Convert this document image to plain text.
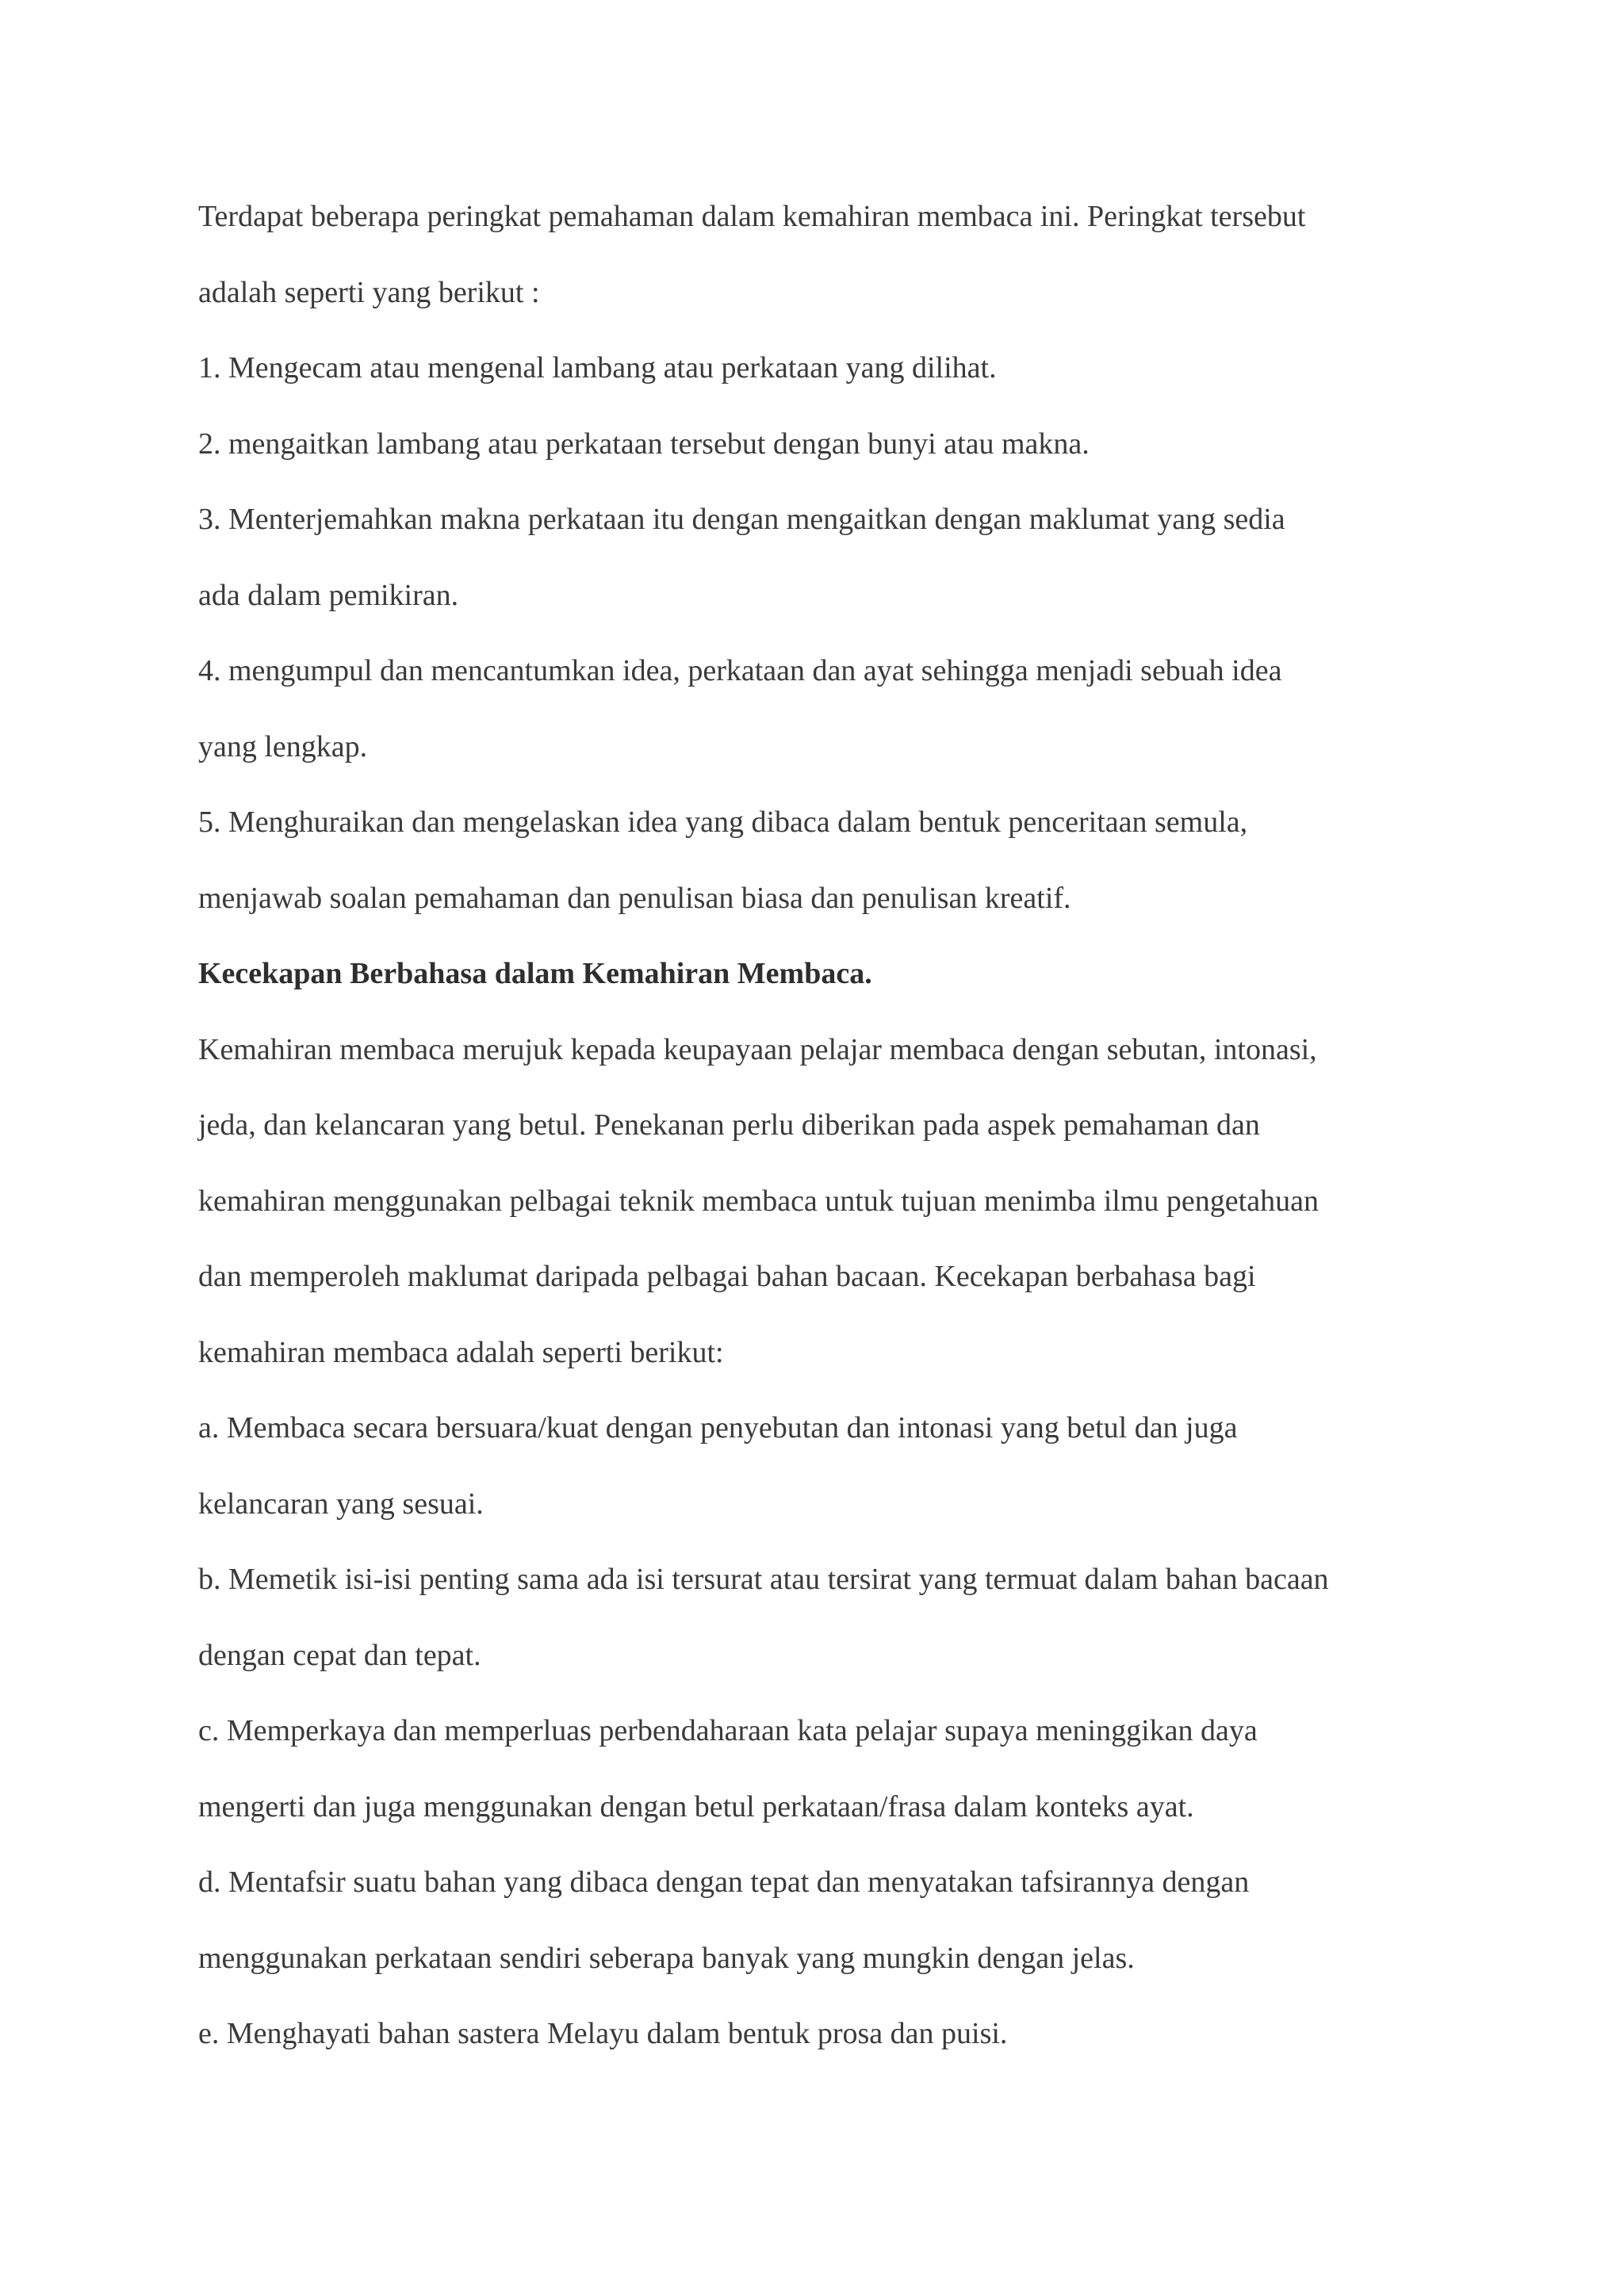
Terdapat beberapa peringkat pemahaman dalam kemahiran membaca ini. Peringkat tersebut
adalah seperti yang berikut :
1. Mengecam atau mengenal lambang atau perkataan yang dilihat.
2. mengaitkan lambang atau perkataan tersebut dengan bunyi atau makna.
3. Menterjemahkan makna perkataan itu dengan mengaitkan dengan maklumat yang sedia
ada dalam pemikiran.
4. mengumpul dan mencantumkan idea, perkataan dan ayat sehingga menjadi sebuah idea
yang lengkap.
5. Menghuraikan dan mengelaskan idea yang dibaca dalam bentuk penceritaan semula,
menjawab soalan pemahaman dan penulisan biasa dan penulisan kreatif.
Kecekapan Berbahasa dalam Kemahiran Membaca.
Kemahiran membaca merujuk kepada keupayaan pelajar membaca dengan sebutan, intonasi,
jeda, dan kelancaran yang betul. Penekanan perlu diberikan pada aspek pemahaman dan
kemahiran menggunakan pelbagai teknik membaca untuk tujuan menimba ilmu pengetahuan
dan memperoleh maklumat daripada pelbagai bahan bacaan. Kecekapan berbahasa bagi
kemahiran membaca adalah seperti berikut:
a. Membaca secara bersuara/kuat dengan penyebutan dan intonasi yang betul dan juga
kelancaran yang sesuai.
b. Memetik isi-isi penting sama ada isi tersurat atau tersirat yang termuat dalam bahan bacaan
dengan cepat dan tepat.
c. Memperkaya dan memperluas perbendaharaan kata pelajar supaya meninggikan daya
mengerti dan juga menggunakan dengan betul perkataan/frasa dalam konteks ayat.
d. Mentafsir suatu bahan yang dibaca dengan tepat dan menyatakan tafsirannya dengan
menggunakan perkataan sendiri seberapa banyak yang mungkin dengan jelas.
e. Menghayati bahan sastera Melayu dalam bentuk prosa dan puisi.
